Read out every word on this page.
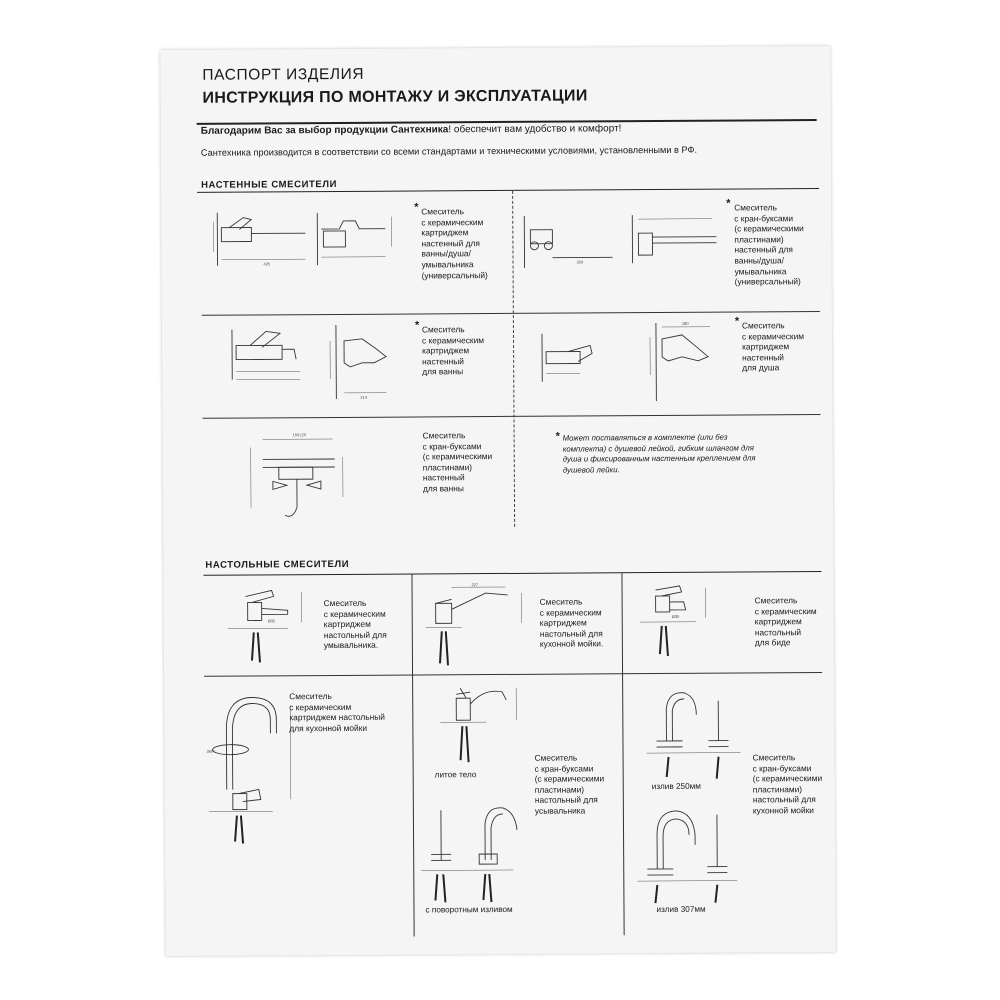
ПАСПОРТ ИЗДЕЛИЯ
ИНСТРУКЦИЯ ПО МОНТАЖУ И ЭКСПЛУАТАЦИИ
Благодарим Вас за выбор продукции Сантехника! обеспечит вам удобство и комфорт!
Сантехника производится в соответствии со всеми стандартами и техническими условиями, установленными в РФ.
НАСТЕННЫЕ СМЕСИТЕЛИ
425
* Смеситель
с керамическим
картриджем
настенный для
ванны/душа/
умывальника
(универсальный)
350
* Смеситель
с кран-буксами
(с керамическими
пластинами)
настенный для
ванны/душа/
умывальника
(универсальный)
214
* Смеситель
с керамическим
картриджем
настенный
для ванны
180	* Смеситель
с керамическим
картриджем
настенный
для душа
150±20	Смеситель
с кран-буксами
(с керамическими
пластинами)
настенный
для ванны
* Может поставляться в комплекте (или без
комплекта) с душевой лейкой, гибким шлангом для
душа и фиксированным настенным креплением для
душевой лейки.
НАСТОЛЬНЫЕ СМЕСИТЕЛИ
Ø35
Смеситель
с керамическим
картриджем
настольный для
умывальника.
227
Смеситель
с керамическим
картриджем
настольный для
кухонной мойки.
Ø35
Смеситель
с керамическим
картриджем
настольный
для биде
360°
Смеситель
с керамическим
картриджем настольный
для кухонной мойки
литое тело
с поворотным изливом
Смеситель
с кран-буксами
(с керамическими
пластинами)
настольный для
усывальника
излив 250мм
излив 307мм
Смеситель
с кран-буксами
(с керамическими
пластинами)
настольный для
кухонной мойки
